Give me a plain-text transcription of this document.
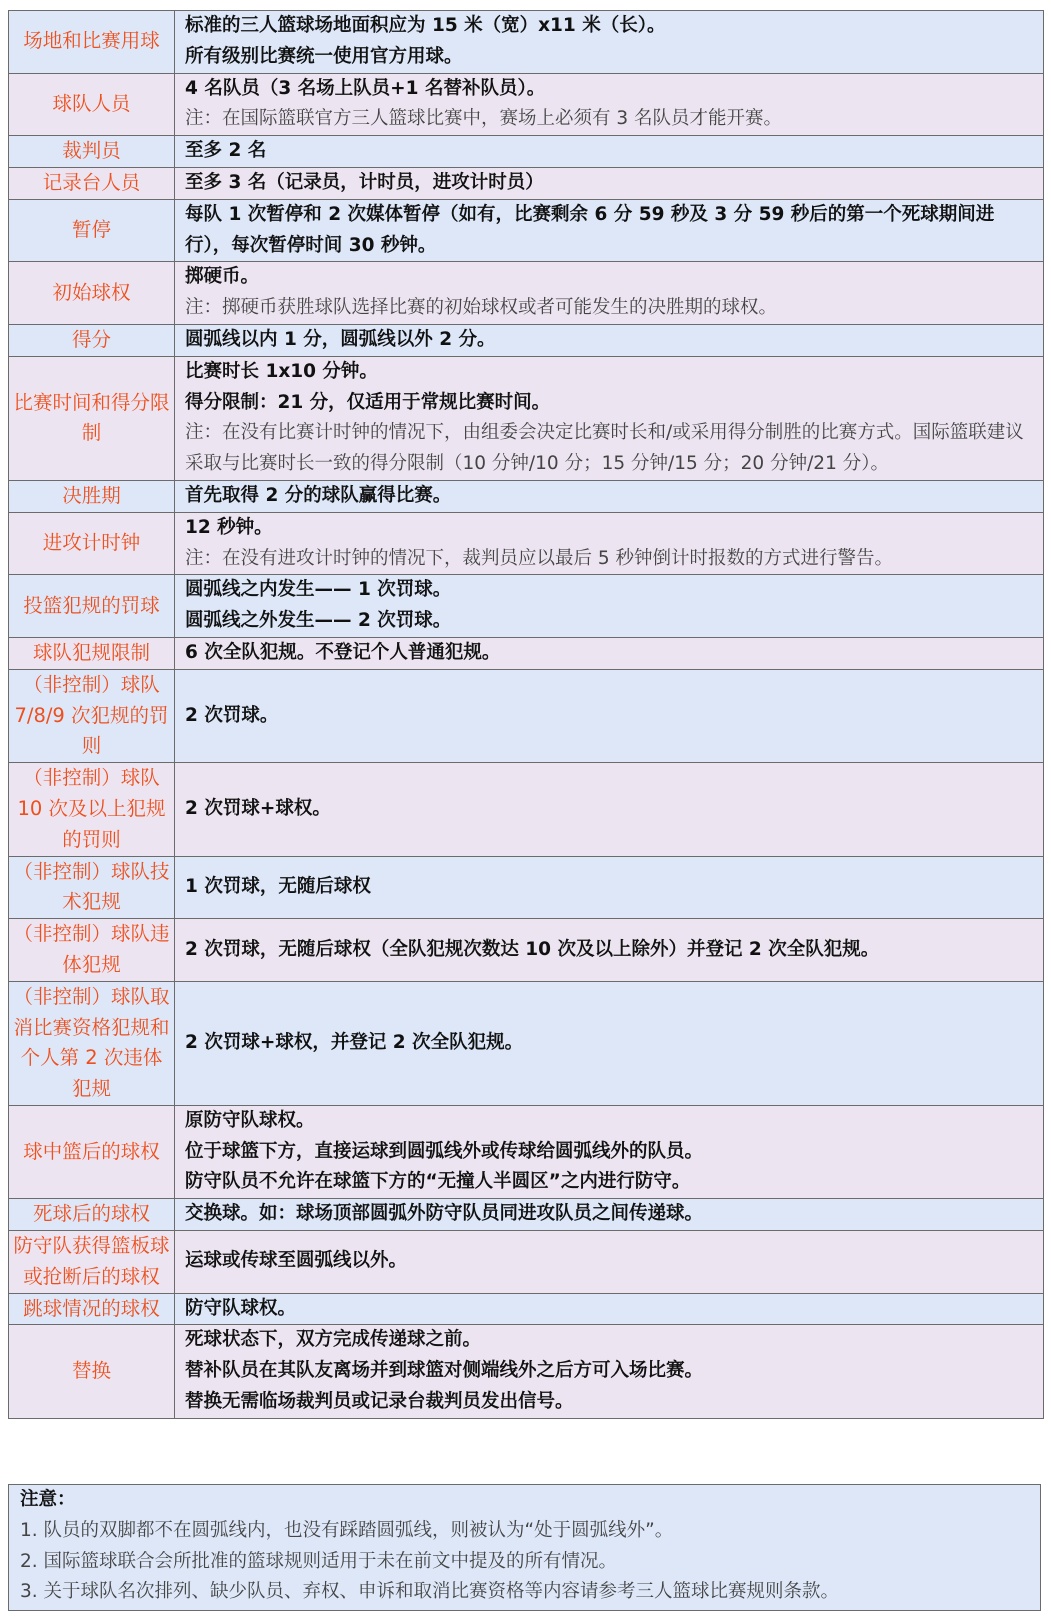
场地和比赛用球	标准的三人篮球场地面积应为 15 米（宽）x11 米（长）。
所有级别比赛统一使用官方用球。

球队人员	4 名队员（3 名场上队员+1 名替补队员）。
注：在国际篮联官方三人篮球比赛中，赛场上必须有 3 名队员才能开赛。

裁判员	至多 2 名

记录台人员	至多 3 名（记录员，计时员，进攻计时员）

暂停	每队 1 次暂停和 2 次媒体暂停（如有，比赛剩余 6 分 59 秒及 3 分 59 秒后的第一个死球期间进行），每次暂停时间 30 秒钟。

初始球权	掷硬币。
注：掷硬币获胜球队选择比赛的初始球权或者可能发生的决胜期的球权。

得分	圆弧线以内 1 分，圆弧线以外 2 分。

比赛时间和得分限制	比赛时长 1x10 分钟。
得分限制：21 分，仅适用于常规比赛时间。
注：在没有比赛计时钟的情况下，由组委会决定比赛时长和/或采用得分制胜的比赛方式。国际篮联建议采取与比赛时长一致的得分限制（10 分钟/10 分；15 分钟/15 分；20 分钟/21 分）。

决胜期	首先取得 2 分的球队赢得比赛。

进攻计时钟	12 秒钟。
注：在没有进攻计时钟的情况下，裁判员应以最后 5 秒钟倒计时报数的方式进行警告。

投篮犯规的罚球	圆弧线之内发生—— 1 次罚球。
圆弧线之外发生—— 2 次罚球。

球队犯规限制	6 次全队犯规。不登记个人普通犯规。

（非控制）球队 7/8/9 次犯规的罚则	2 次罚球。

（非控制）球队 10 次及以上犯规的罚则	2 次罚球+球权。

（非控制）球队技术犯规	1 次罚球，无随后球权

（非控制）球队违体犯规	2 次罚球，无随后球权（全队犯规次数达 10 次及以上除外）并登记 2 次全队犯规。

（非控制）球队取消比赛资格犯规和个人第 2 次违体犯规	2 次罚球+球权，并登记 2 次全队犯规。

球中篮后的球权	原防守队球权。
位于球篮下方，直接运球到圆弧线外或传球给圆弧线外的队员。
防守队员不允许在球篮下方的“无撞人半圆区”之内进行防守。

死球后的球权	交换球。如：球场顶部圆弧外防守队员同进攻队员之间传递球。

防守队获得篮板球或抢断后的球权	运球或传球至圆弧线以外。

跳球情况的球权	防守队球权。

替换	死球状态下，双方完成传递球之前。
替补队员在其队友离场并到球篮对侧端线外之后方可入场比赛。
替换无需临场裁判员或记录台裁判员发出信号。
注意：
1. 队员的双脚都不在圆弧线内，也没有踩踏圆弧线，则被认为“处于圆弧线外”。
2. 国际篮球联合会所批准的篮球规则适用于未在前文中提及的所有情况。
3. 关于球队名次排列、缺少队员、弃权、申诉和取消比赛资格等内容请参考三人篮球比赛规则条款。
